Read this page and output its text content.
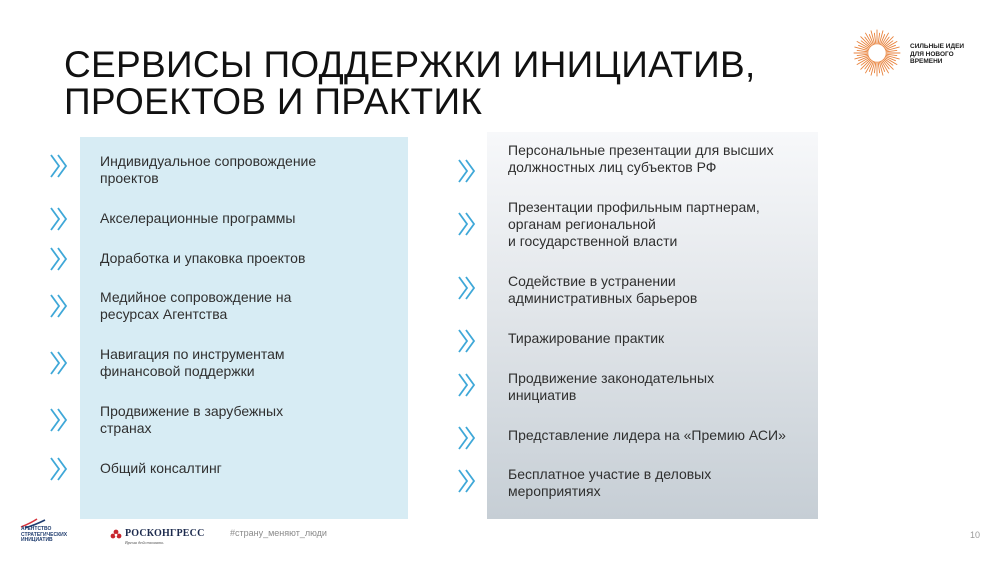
СЕРВИСЫ ПОДДЕРЖКИ ИНИЦИАТИВ,
ПРОЕКТОВ И ПРАКТИК
СИЛЬНЫЕ ИДЕИ
ДЛЯ НОВОГО
ВРЕМЕНИ
Индивидуальное сопровождение
проектов
Акселерационные программы
Доработка и упаковка проектов
Медийное сопровождение на
ресурсах Агентства
Навигация по инструментам
финансовой поддержки
Продвижение в зарубежных
странах
Общий консалтинг
Персональные презентации для высших
должностных лиц субъектов РФ
Презентации профильным партнерам,
органам региональной
и государственной власти
Содействие в устранении
административных барьеров
Тиражирование практик
Продвижение законодательных
инициатив
Представление лидера на «Премию АСИ»
Бесплатное участие в деловых
мероприятиях
АГЕНТСТВО
СТРАТЕГИЧЕСКИХ
ИНИЦИАТИВ
РОСКОНГРЕСС
Время действовать
#страну_меняют_люди	10
